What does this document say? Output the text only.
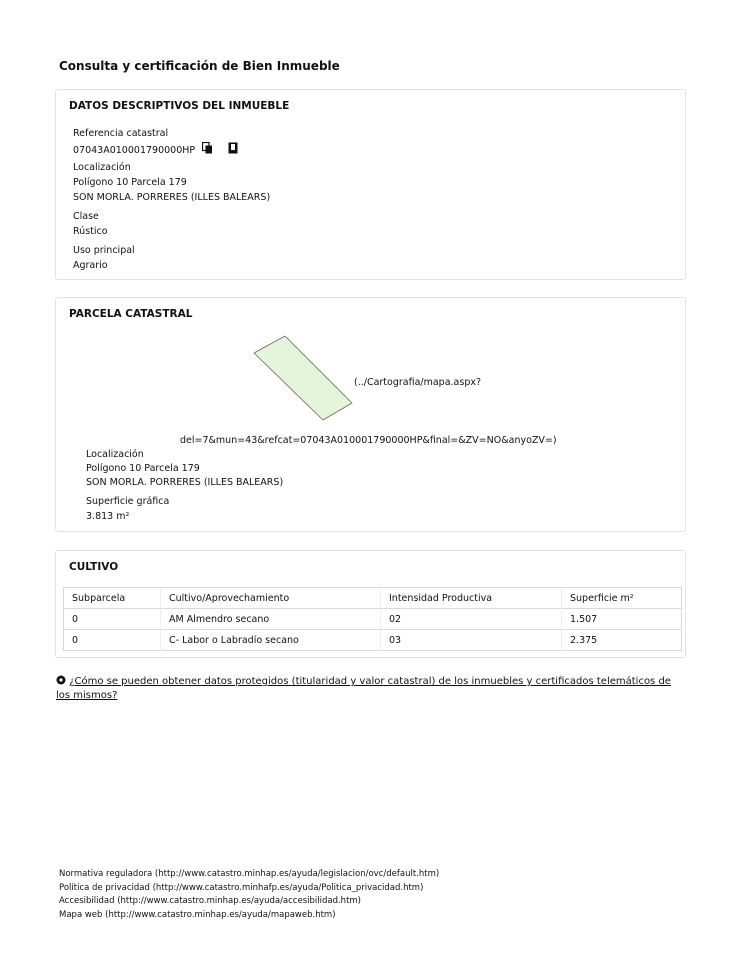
Consulta y certificación de Bien Inmueble
DATOS DESCRIPTIVOS DEL INMUEBLE
Referencia catastral
07043A010001790000HP
Localización
Polígono 10 Parcela 179
SON MORLA. PORRERES (ILLES BALEARS)
Clase
Rústico
Uso principal
Agrario
PARCELA CATASTRAL
(../Cartografia/mapa.aspx?
del=7&mun=43&refcat=07043A010001790000HP&final=&ZV=NO&anyoZV=)
Localización
Polígono 10 Parcela 179
SON MORLA. PORRERES (ILLES BALEARS)
Superficie gráfica
3.813 m²
CULTIVO
Subparcela	Cultivo/Aprovechamiento	Intensidad Productiva	Superficie m²
0	AM Almendro secano	02	1.507
0	C- Labor o Labradío secano	03	2.375
¿Cómo se pueden obtener datos protegidos (titularidad y valor catastral) de los inmuebles y certificados telemáticos de los mismos?
Normativa reguladora (http://www.catastro.minhap.es/ayuda/legislacion/ovc/default.htm)
Política de privacidad (http://www.catastro.minhafp.es/ayuda/Politica_privacidad.htm)
Accesibilidad (http://www.catastro.minhap.es/ayuda/accesibilidad.htm)
Mapa web (http://www.catastro.minhap.es/ayuda/mapaweb.htm)
